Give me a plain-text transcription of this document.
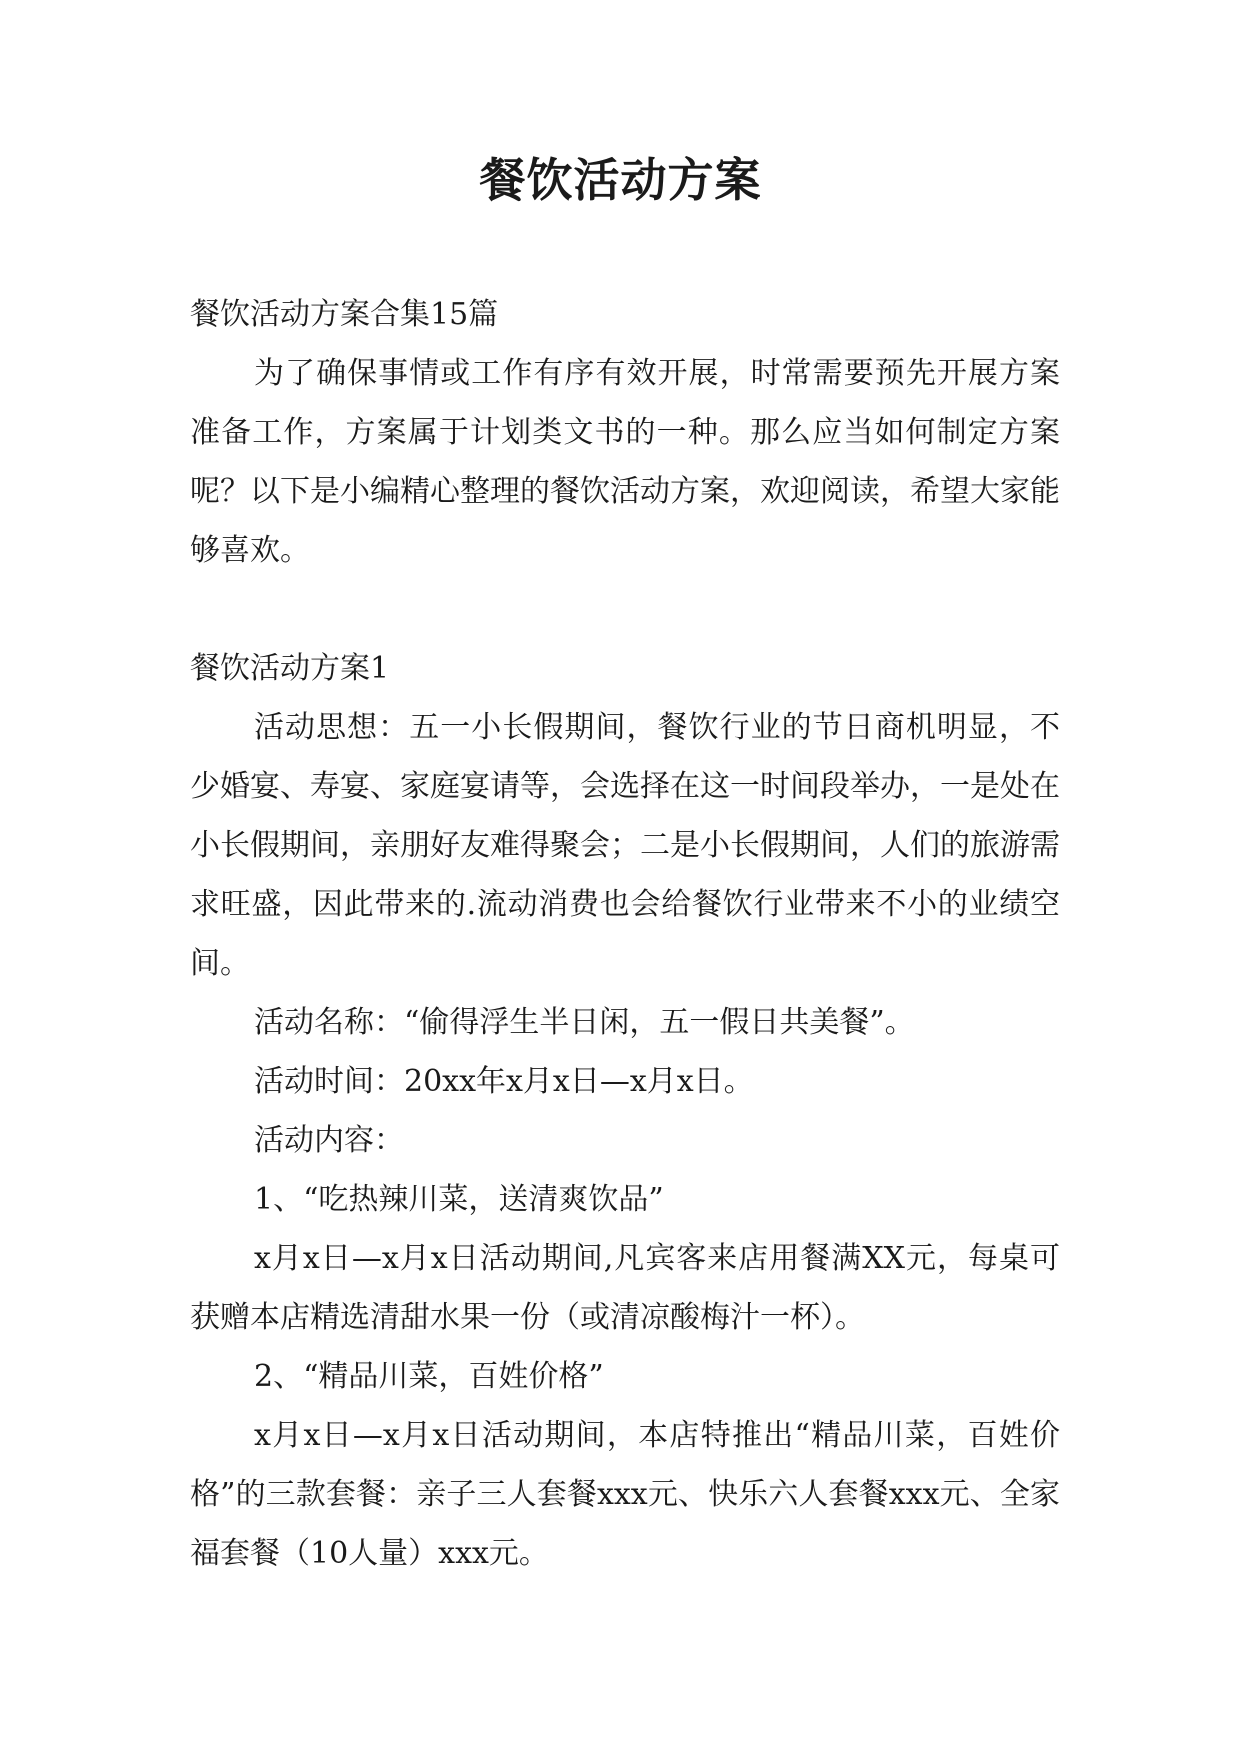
餐饮活动方案

餐饮活动方案合集15篇

为了确保事情或工作有序有效开展，时常需要预先开展方案准备工作，方案属于计划类文书的一种。那么应当如何制定方案呢？以下是小编精心整理的餐饮活动方案，欢迎阅读，希望大家能够喜欢。

餐饮活动方案1

活动思想：五一小长假期间，餐饮行业的节日商机明显，不少婚宴、寿宴、家庭宴请等，会选择在这一时间段举办，一是处在小长假期间，亲朋好友难得聚会；二是小长假期间，人们的旅游需求旺盛，因此带来的.流动消费也会给餐饮行业带来不小的业绩空间。

活动名称：“偷得浮生半日闲，五一假日共美餐”。

活动时间：20xx年x月x日—x月x日。

活动内容：

1、“吃热辣川菜，送清爽饮品”

x月x日—x月x日活动期间,凡宾客来店用餐满XX元，每桌可获赠本店精选清甜水果一份（或清凉酸梅汁一杯）。

2、“精品川菜，百姓价格”

x月x日—x月x日活动期间，本店特推出“精品川菜，百姓价格”的三款套餐：亲子三人套餐xxx元、快乐六人套餐xxx元、全家福套餐（10人量）xxx元。
